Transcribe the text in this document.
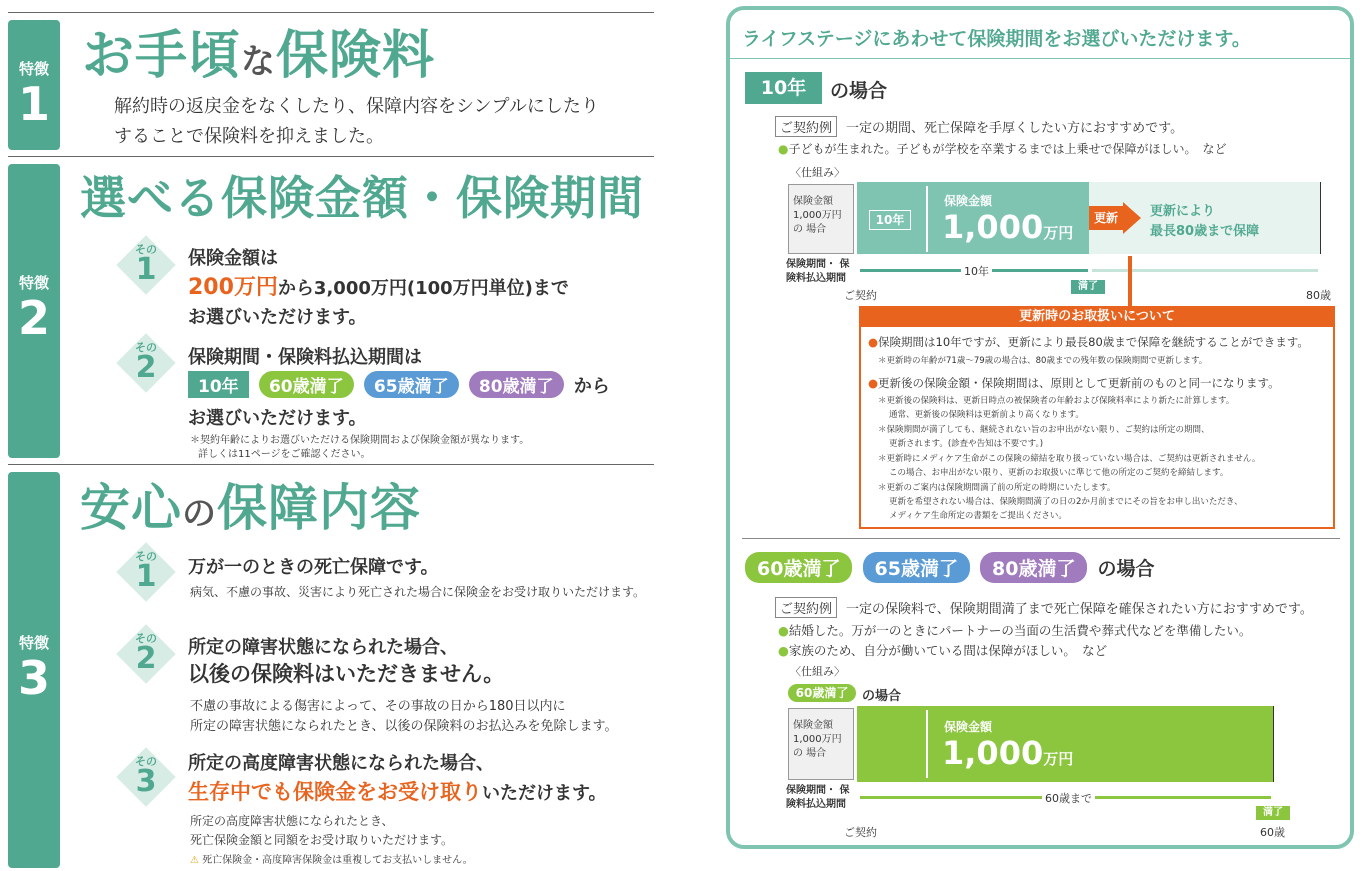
特徴
1
お手頃な保険料
解約時の返戻金をなくしたり、保障内容をシンプルにしたり
することで保険料を抑えました。
特徴
2
選べる保険金額・保険期間
その
1	保険金額は
200万円から3,000万円(100万円単位)まで
お選びいただけます。
その
2	保険期間・保険料払込期間は
10年 60歳満了 65歳満了 80歳満了 から
お選びいただけます。
＊契約年齢によりお選びいただける保険期間および保険金額が異なります。
詳しくは11ページをご確認ください。
特徴
3
安心の保障内容
その
1	万が一のときの死亡保障です。
病気、不慮の事故、災害により死亡された場合に保険金をお受け取りいただけます。
その
2	所定の障害状態になられた場合、
以後の保険料はいただきません。
不慮の事故による傷害によって、その事故の日から180日以内に
所定の障害状態になられたとき、以後の保険料のお払込みを免除します。
その
3
所定の高度障害状態になられた場合、
生存中でも保険金をお受け取りいただけます。
所定の高度障害状態になられたとき、
死亡保険金額と同額をお受け取りいただけます。
⚠ 死亡保険金・高度障害保険金は重複してお支払いしません。
ライフステージにあわせて保険期間をお選びいただけます。
10年	の場合
ご契約例	一定の期間、死亡保障を手厚くしたい方におすすめです。
●子どもが生まれた。子どもが学校を卒業するまでは上乗せで保障がほしい。　など
〈仕組み〉
保険金額 1,000万円の 場合
10年
保険金額
1,000万円
更新	更新により
最長80歳まで保障
保険期間・ 保険料払込期間
10年
ご契約
満了
80歳
更新時のお取扱いについて
●保険期間は10年ですが、更新により最長80歳まで保障を継続することができます。
＊更新時の年齢が71歳～79歳の場合は、80歳までの残年数の保険期間で更新します。
●更新後の保険金額・保険期間は、原則として更新前のものと同一になります。
＊更新後の保険料は、更新日時点の被保険者の年齢および保険料率により新たに計算します。
通常、更新後の保険料は更新前より高くなります。
＊保険期間が満了しても、継続されない旨のお申出がない限り、ご契約は所定の期間、
更新されます。(診査や告知は不要です。)
＊更新時にメディケア生命がこの保険の締結を取り扱っていない場合は、ご契約は更新されません。
この場合、お申出がない限り、更新のお取扱いに準じて他の所定のご契約を締結します。
＊更新のご案内は保険期間満了前の所定の時期にいたします。
更新を希望されない場合は、保険期間満了の日の2か月前までにその旨をお申し出いただき、
メディケア生命所定の書類をご提出ください。
60歳満了 65歳満了 80歳満了 の場合
ご契約例	一定の保険料で、保険期間満了まで死亡保障を確保されたい方におすすめです。
●結婚した。万が一のときにパートナーの当面の生活費や葬式代などを準備したい。
●家族のため、自分が働いている間は保障がほしい。　など
〈仕組み〉
60歳満了	の場合
保険金額 1,000万円の 場合
保険金額
1,000万円
保険期間・ 保険料払込期間	60歳まで
ご契約
満了
60歳
